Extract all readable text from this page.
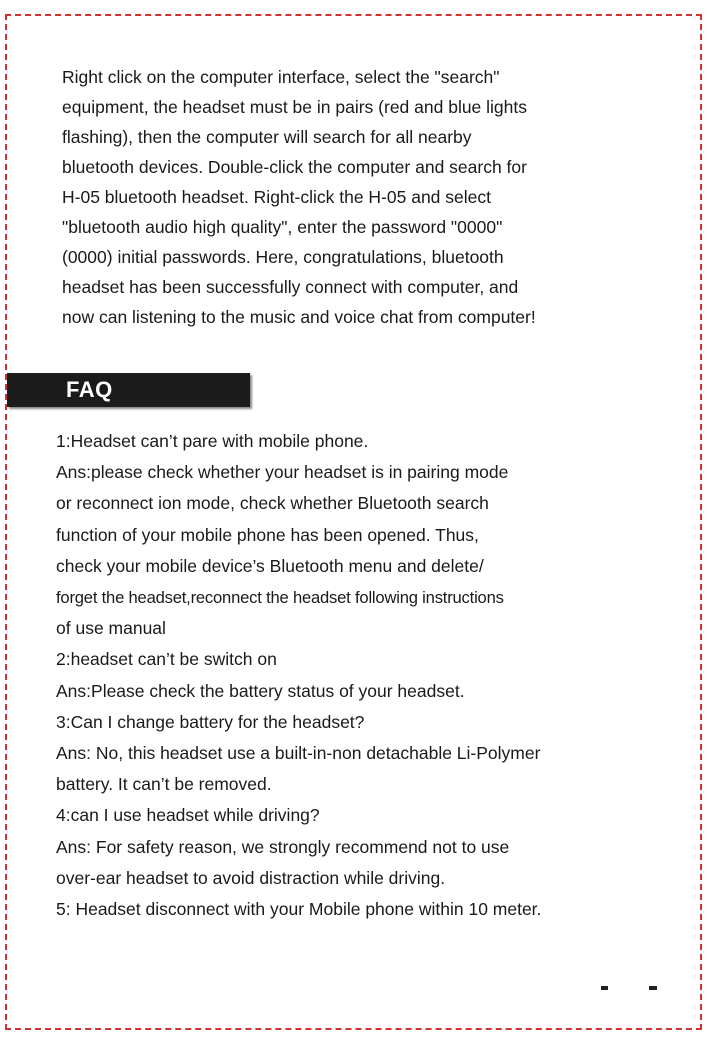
Right click on the computer interface, select the "search"
equipment, the headset must be in pairs (red and blue lights
flashing), then the computer will search for all nearby
bluetooth devices. Double-click the computer and search for
H-05 bluetooth headset. Right-click the H-05 and select
"bluetooth audio high quality", enter the password "0000"
(0000) initial passwords. Here, congratulations, bluetooth
headset has been successfully connect with computer, and
now can listening to the music and voice chat from computer!
FAQ
1:Headset can’t pare with mobile phone.
Ans:please check whether your headset is in pairing mode
or reconnect ion mode, check whether Bluetooth search
function of your mobile phone has been opened. Thus,
check your mobile device’s Bluetooth menu and delete/
forget the headset,reconnect the headset following instructions
of use manual
2:headset can’t be switch on
Ans:Please check the battery status of your headset.
3:Can I change battery for the headset?
Ans: No, this headset use a built-in-non detachable Li-Polymer
battery. It can’t be removed.
4:can I use headset while driving?
Ans: For safety reason, we strongly recommend not to use
over-ear headset to avoid distraction while driving.
5: Headset disconnect with your Mobile phone within 10 meter.
